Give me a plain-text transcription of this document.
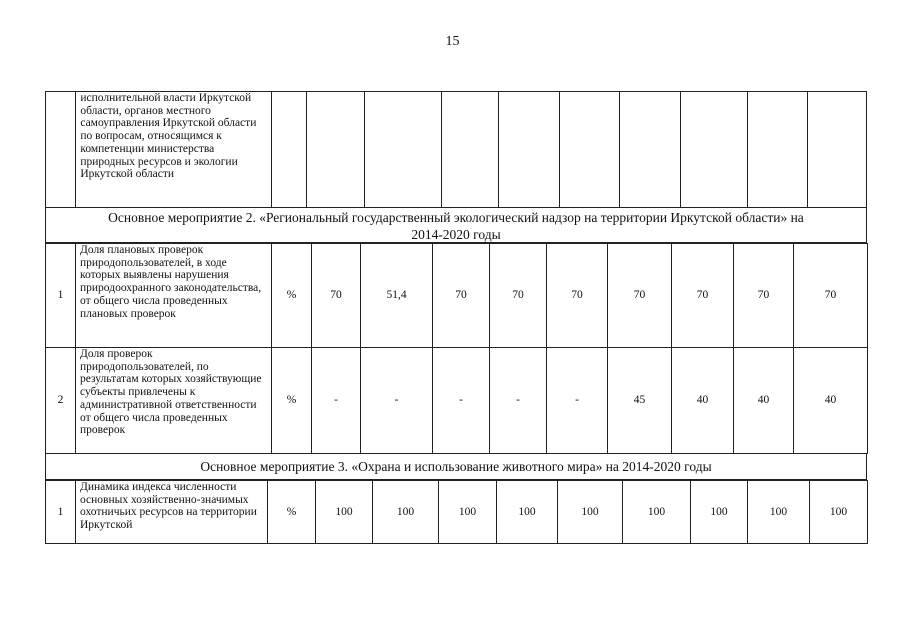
15
	исполнительной власти Иркутской области, органов местного самоуправления Иркутской области по вопросам, относящимся к компетенции министерства природных ресурсов и экологии Иркутской области										
Основное мероприятие 2. «Региональный государственный экологический надзор на территории Иркутской области» на
2014-2020 годы
1	Доля плановых проверок природопользователей, в ходе которых выявлены нарушения природоохранного законодательства, от общего числа проведенных плановых проверок	%	70	51,4	70	70	70	70	70	70	70
2	Доля проверок природопользователей, по результатам которых хозяйствующие субъекты привлечены к административной ответственности от общего числа проведенных проверок	%	-	-	-	-	-	45	40	40	40
Основное мероприятие 3. «Охрана и использование животного мира» на 2014-2020 годы
1	Динамика индекса численности основных хозяйственно-значимых охотничьих ресурсов на территории Иркутской	%	100	100	100	100	100	100	100	100	100
